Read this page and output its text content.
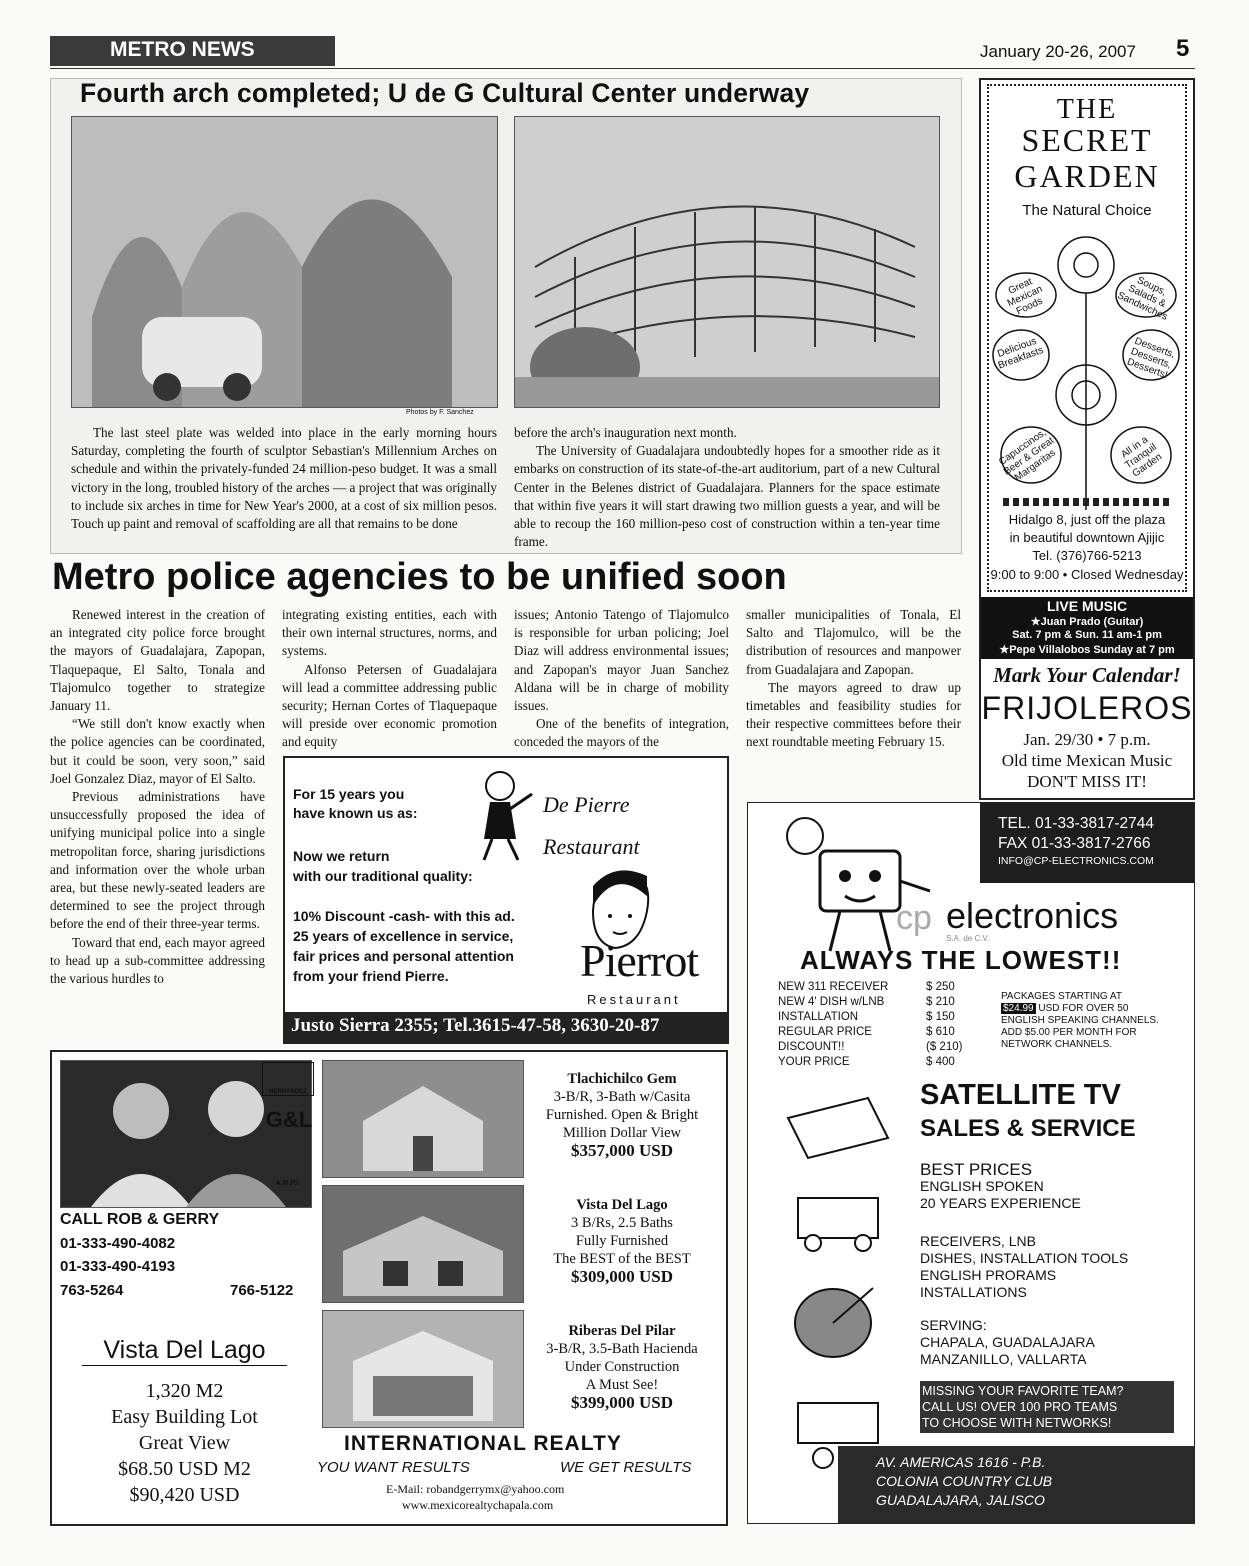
METRO NEWS	January 20-26, 2007 5
Fourth arch completed; U de G Cultural Center underway
Photos by F. Sanchez

The last steel plate was welded into place in the early morning hours Saturday, completing the fourth of sculptor Sebastian's Millennium Arches on schedule and within the privately-funded 24 million-peso budget. It was a small victory in the long, troubled history of the arches — a project that was originally to include six arches in time for New Year's 2000, at a cost of six million pesos. Touch up paint and removal of scaffolding are all that remains to be done

before the arch's inauguration next month.

The University of Guadalajara undoubtedly hopes for a smoother ride as it embarks on construction of its state-of-the-art auditorium, part of a new Cultural Center in the Belenes district of Guadalajara. Planners for the space estimate that within five years it will start drawing two million guests a year, and will be able to recoup the 160 million-peso cost of construction within a ten-year time frame.

Metro police agencies to be unified soon

Renewed interest in the creation of an integrated city police force brought the mayors of Guadalajara, Zapopan, Tlaquepaque, El Salto, Tonala and Tlajomulco together to strategize January 11.

“We still don't know exactly when the police agencies can be coordinated, but it could be soon, very soon,” said Joel Gonzalez Diaz, mayor of El Salto.

Previous administrations have unsuccessfully proposed the idea of unifying municipal police into a single metropolitan force, sharing jurisdictions and information over the whole urban area, but these newly-seated leaders are determined to see the project through before the end of their three-year terms.

Toward that end, each mayor agreed to head up a sub-committee addressing the various hurdles to

integrating existing entities, each with their own internal structures, norms, and systems.

Alfonso Petersen of Guadalajara will lead a committee addressing public security; Hernan Cortes of Tlaquepaque will preside over economic promotion and equity

issues; Antonio Tatengo of Tlajomulco is responsible for urban policing; Joel Diaz will address environmental issues; and Zapopan's mayor Juan Sanchez Aldana will be in charge of mobility issues.

One of the benefits of integration, conceded the mayors of the

smaller municipalities of Tonala, El Salto and Tlajomulco, will be the distribution of resources and manpower from Guadalajara and Zapopan.

The mayors agreed to draw up timetables and feasibility studies for their respective committees before their next roundtable meeting February 15.

THE
SECRET
GARDEN
The Natural Choice
Great Mexican Foods
Soups, Salads & Sandwiches
Delicious Breakfasts	Desserts, Desserts, Desserts!
Capuccinos, Beer & Great Margaritas	All in a Tranquil Garden
Hidalgo 8, just off the plaza
in beautiful downtown Ajijic
Tel. (376)766-5213
9:00 to 9:00 • Closed Wednesday
LIVE MUSIC
★Juan Prado (Guitar)
Sat. 7 pm & Sun. 11 am-1 pm
★Pepe Villalobos Sunday at 7 pm
Mark Your Calendar!
FRIJOLEROS
Jan. 29/30 • 7 p.m.
Old time Mexican Music
DON'T MISS IT!
For 15 years you
have known us as:	De Pierre
Restaurant
Now we return
with our traditional quality:
10% Discount -cash- with this ad.
25 years of excellence in service,
fair prices and personal attention
from your friend Pierre.	Pierrot
Restaurant
Justo Sierra 2355; Tel.3615-47-58, 3630-20-87
HERNANDEZ
G&L
A.M.P.I.
CALL ROB & GERRY
01-333-490-4082
01-333-490-4193
763-5264	766-5122
Vista Del Lago
1,320 M2
Easy Building Lot
Great View
$68.50 USD M2
$90,420 USD
Tlachichilco Gem
3-B/R, 3-Bath w/Casita
Furnished. Open & Bright
Million Dollar View
$357,000 USD
Vista Del Lago
3 B/Rs, 2.5 Baths
Fully Furnished
The BEST of the BEST
$309,000 USD
Riberas Del Pilar
3-B/R, 3.5-Bath Hacienda
Under Construction
A Must See!
$399,000 USD
INTERNATIONAL REALTY
YOU WANT RESULTS	WE GET RESULTS
E-Mail: robandgerrymx@yahoo.com
www.mexicorealtychapala.com
TEL. 01-33-3817-2744
FAX 01-33-3817-2766
INFO@CP-ELECTRONICS.COM
cp electronics
S.A. de C.V.
ALWAYS THE LOWEST!!
NEW 311 RECEIVER	$ 250
NEW 4' DISH w/LNB	$ 210
INSTALLATION	$ 150
REGULAR PRICE	$ 610
DISCOUNT!!	($ 210)
YOUR PRICE	$ 400
PACKAGES STARTING AT
$24.99 USD FOR OVER 50
ENGLISH SPEAKING CHANNELS.
ADD $5.00 PER MONTH FOR
NETWORK CHANNELS.
SATELLITE TV
SALES & SERVICE
BEST PRICES
ENGLISH SPOKEN
20 YEARS EXPERIENCE
RECEIVERS, LNB
DISHES, INSTALLATION TOOLS
ENGLISH PRORAMS
INSTALLATIONS
SERVING:
CHAPALA, GUADALAJARA
MANZANILLO, VALLARTA
MISSING YOUR FAVORITE TEAM?
CALL US! OVER 100 PRO TEAMS
TO CHOOSE WITH NETWORKS!
AV. AMERICAS 1616 - P.B.
COLONIA COUNTRY CLUB
GUADALAJARA, JALISCO
